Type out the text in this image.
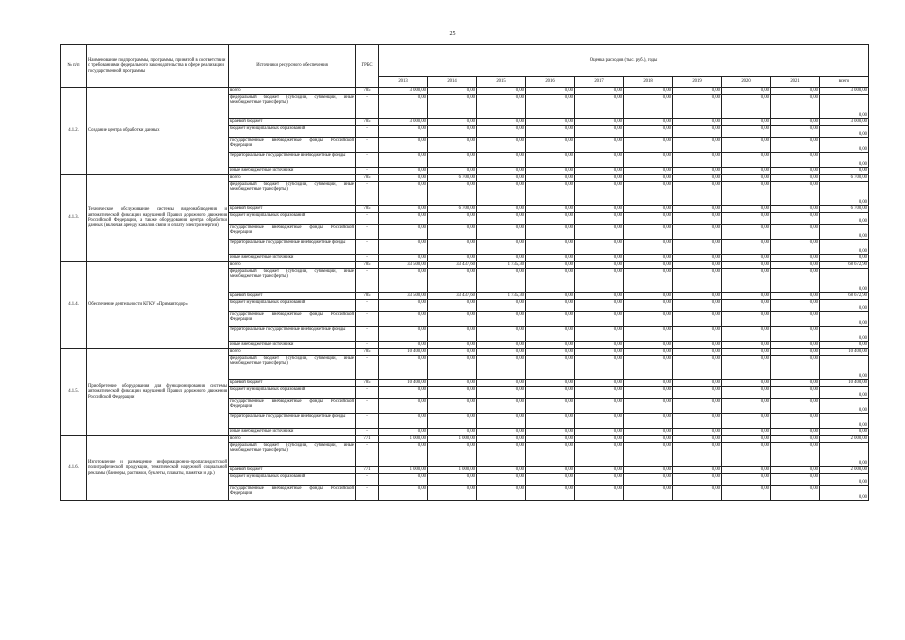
25
№ п/п	Наименование подпрограммы, программы, принятой в соответствии с требованиями федерального законодательства в сфере реализации государственной программы	Источники ресурсного обеспечения	ГРБС	Оценка расходов (тыс. руб.), годы									
				2013	2014	2015	2016	2017	2018	2019	2020	2021	всего
4.1.2.	Создание центра обработки данных	всего	785	3 000,00	0,00	0,00	0,00	0,00	0,00	0,00	0,00	0,00	3 000,00
		федеральный бюджет (субсидии, субвенции, иные межбюджетные трансферты)	-	0,00	0,00	0,00	0,00	0,00	0,00	0,00	0,00	0,00	0,00
		краевой бюджет	785	3 000,00	0,00	0,00	0,00	0,00	0,00	0,00	0,00	0,00	3 000,00
		бюджет муниципальных образований	-	0,00	0,00	0,00	0,00	0,00	0,00	0,00	0,00	0,00	0,00
		государственные внебюджетные фонды Российской Федерации	-	0,00	0,00	0,00	0,00	0,00	0,00	0,00	0,00	0,00	0,00
		территориальные государственные внебюджетные фонды	-	0,00	0,00	0,00	0,00	0,00	0,00	0,00	0,00	0,00	0,00
		иные внебюджетные источники	-	0,00	0,00	0,00	0,00	0,00	0,00	0,00	0,00	0,00	0,00
4.1.3.	Техническое обслуживание системы видеонаблюдения и автоматической фиксации нарушений Правил дорожного движения Российской Федерации, а также оборудования центра обработки данных (включая аренду каналов связи и оплату электроэнергии)	всего	785	0,00	6 700,00	0,00	0,00	0,00	0,00	0,00	0,00	0,00	6 700,00
		федеральный бюджет (субсидии, субвенции, иные межбюджетные трансферты)	-	0,00	0,00	0,00	0,00	0,00	0,00	0,00	0,00	0,00	0,00
		краевой бюджет	785	0,00	6 700,00	0,00	0,00	0,00	0,00	0,00	0,00	0,00	6 700,00
		бюджет муниципальных образований	-	0,00	0,00	0,00	0,00	0,00	0,00	0,00	0,00	0,00	0,00
		государственные внебюджетные фонды Российской Федерации	-	0,00	0,00	0,00	0,00	0,00	0,00	0,00	0,00	0,00	0,00
		территориальные государственные внебюджетные фонды	-	0,00	0,00	0,00	0,00	0,00	0,00	0,00	0,00	0,00	0,00
		иные внебюджетные источники	-	0,00	0,00	0,00	0,00	0,00	0,00	0,00	0,00	0,00	0,00
4.1.4.	Обеспечение деятельности КГКУ «Примавтодор»	всего	785	33 500,00	33 437,60	1 735,30	0,00	0,00	0,00	0,00	0,00	0,00	68 672,90
		федеральный бюджет (субсидии, субвенции, иные межбюджетные трансферты)	-	0,00	0,00	0,00	0,00	0,00	0,00	0,00	0,00	0,00	0,00
		краевой бюджет	785	33 500,00	33 437,60	1 735,30	0,00	0,00	0,00	0,00	0,00	0,00	68 672,90
		бюджет муниципальных образований	-	0,00	0,00	0,00	0,00	0,00	0,00	0,00	0,00	0,00	0,00
		государственные внебюджетные фонды Российской Федерации	-	0,00	0,00	0,00	0,00	0,00	0,00	0,00	0,00	0,00	0,00
		территориальные государственные внебюджетные фонды	-	0,00	0,00	0,00	0,00	0,00	0,00	0,00	0,00	0,00	0,00
		иные внебюджетные источники	-	0,00	0,00	0,00	0,00	0,00	0,00	0,00	0,00	0,00	0,00
4.1.5.	Приобретение оборудования для функционирования системы автоматической фиксации нарушений Правил дорожного движения Российской Федерации	всего	785	10 400,00	0,00	0,00	0,00	0,00	0,00	0,00	0,00	0,00	10 400,00
		федеральный бюджет (субсидии, субвенции, иные межбюджетные трансферты)	-	0,00	0,00	0,00	0,00	0,00	0,00	0,00	0,00	0,00	0,00
		краевой бюджет	785	10 400,00	0,00	0,00	0,00	0,00	0,00	0,00	0,00	0,00	10 400,00
		бюджет муниципальных образований	-	0,00	0,00	0,00	0,00	0,00	0,00	0,00	0,00	0,00	0,00
		государственные внебюджетные фонды Российской Федерации	-	0,00	0,00	0,00	0,00	0,00	0,00	0,00	0,00	0,00	0,00
		территориальные государственные внебюджетные фонды	-	0,00	0,00	0,00	0,00	0,00	0,00	0,00	0,00	0,00	0,00
		иные внебюджетные источники	-	0,00	0,00	0,00	0,00	0,00	0,00	0,00	0,00	0,00	0,00
4.1.6.	Изготовление и размещение информационно-пропагандистской полиграфической продукции, тематической наружной социальной рекламы (баннеры, растяжки, буклеты, плакаты, памятки и др.)	всего	771	1 000,00	1 000,00	0,00	0,00	0,00	0,00	0,00	0,00	0,00	2 000,00
		федеральный бюджет (субсидии, субвенции, иные межбюджетные трансферты)	-	0,00	0,00	0,00	0,00	0,00	0,00	0,00	0,00	0,00	0,00
		краевой бюджет	771	1 000,00	1 000,00	0,00	0,00	0,00	0,00	0,00	0,00	0,00	2 000,00
		бюджет муниципальных образований	-	0,00	0,00	0,00	0,00	0,00	0,00	0,00	0,00	0,00	0,00
		государственные внебюджетные фонды Российской Федерации	-	0,00	0,00	0,00	0,00	0,00	0,00	0,00	0,00	0,00	0,00
